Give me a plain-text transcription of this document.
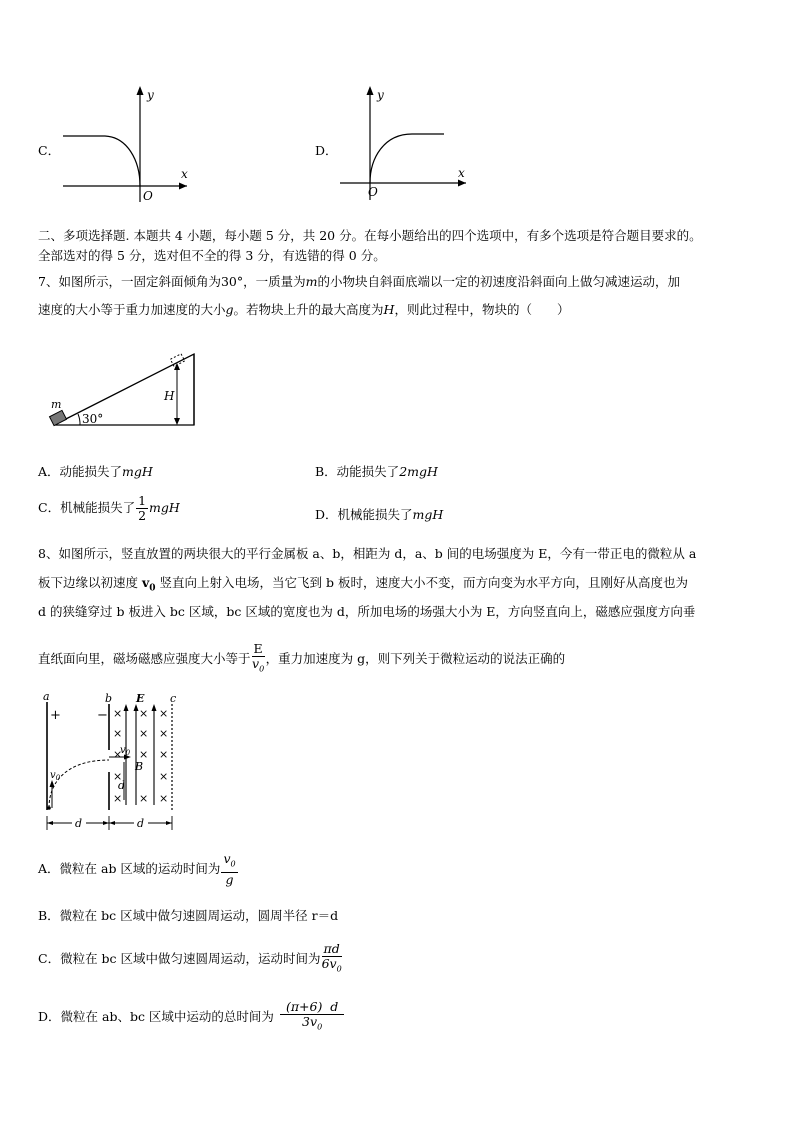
C．
y
x
O
D．
y
x
O
二、多项选择题. 本题共 4 小题，每小题 5 分，共 20 分。在每小题给出的四个选项中，有多个选项是符合题目要求的。
全部选对的得 5 分，选对但不全的得 3 分，有选错的得 0 分。
7、如图所示，一固定斜面倾角为30°，一质量为m的小物块自斜面底端以一定的初速度沿斜面向上做匀减速运动，加
速度的大小等于重力加速度的大小g。若物块上升的最大高度为H，则此过程中，物块的（　　）
m
30°
H
A．动能损失了mgH	B．动能损失了2mgH
C．机械能损失了 $\frac{1}{2}$ mgH	D．机械能损失了mgH
8、如图所示，竖直放置的两块很大的平行金属板 a、b，相距为 d，a、b 间的电场强度为 E，今有一带正电的微粒从 a
板下边缘以初速度 $v_0$ 竖直向上射入电场，当它飞到 b 板时，速度大小不变，而方向变为水平方向，且刚好从高度也为
d 的狭缝穿过 b 板进入 bc 区域，bc 区域的宽度也为 d，所加电场的场强大小为 E，方向竖直向上，磁感应强度方向垂
直纸面向里，磁场磁感应强度大小等于 $\frac{E}{v_0}$ ，重力加速度为 g，则下列关于微粒运动的说法正确的
×
×
×
×
×
×
×
×
×
×
×
×
×
×
a	b	c
E
B
+	−
$v_0$
$v_0$
d
d	d
A．微粒在 ab 区域的运动时间为 $\frac{v_0}{g}$
B．微粒在 bc 区域中做匀速圆周运动，圆周半径 r＝d
C．微粒在 bc 区域中做匀速圆周运动，运动时间为 $\frac{\pi d}{6v_0}$
D．微粒在 ab、bc 区域中运动的总时间为 $\frac{(\pi+6) d}{3v_0}$
